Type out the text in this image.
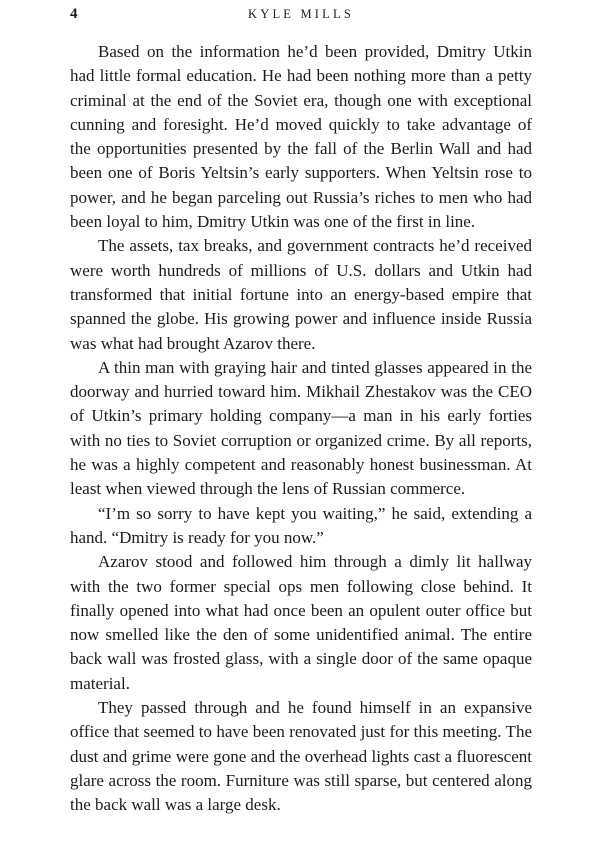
4	KYLE MILLS

Based on the information he’d been provided, Dmitry Utkin had little formal education. He had been nothing more than a petty criminal at the end of the Soviet era, though one with exceptional cunning and foresight. He’d moved quickly to take advantage of the opportunities presented by the fall of the Berlin Wall and had been one of Boris Yeltsin’s early supporters. When Yeltsin rose to power, and he began parceling out Russia’s riches to men who had been loyal to him, Dmitry Utkin was one of the first in line.

The assets, tax breaks, and government contracts he’d received were worth hundreds of millions of U.S. dollars and Utkin had transformed that initial fortune into an energy-based empire that spanned the globe. His growing power and influence inside Russia was what had brought Azarov there.

A thin man with graying hair and tinted glasses appeared in the doorway and hurried toward him. Mikhail Zhestakov was the CEO of Utkin’s primary holding company—a man in his early forties with no ties to Soviet corruption or organized crime. By all reports, he was a highly competent and reasonably honest businessman. At least when viewed through the lens of Russian commerce.

“I’m so sorry to have kept you waiting,” he said, extending a hand. “Dmitry is ready for you now.”

Azarov stood and followed him through a dimly lit hallway with the two former special ops men following close behind. It finally opened into what had once been an opulent outer office but now smelled like the den of some unidentified animal. The entire back wall was frosted glass, with a single door of the same opaque material.

They passed through and he found himself in an expansive office that seemed to have been renovated just for this meeting. The dust and grime were gone and the overhead lights cast a fluorescent glare across the room. Furniture was still sparse, but centered along the back wall was a large desk.
